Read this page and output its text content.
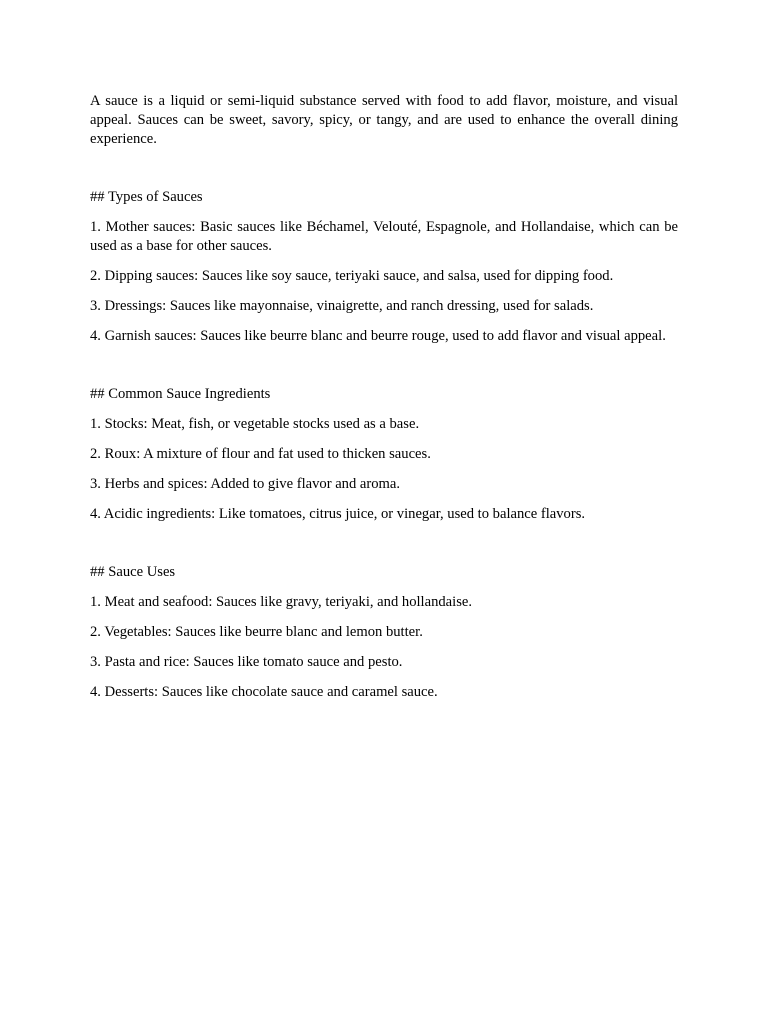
A sauce is a liquid or semi-liquid substance served with food to add flavor, moisture, and visual appeal. Sauces can be sweet, savory, spicy, or tangy, and are used to enhance the overall dining experience.

## Types of Sauces

1. Mother sauces: Basic sauces like Béchamel, Velouté, Espagnole, and Hollandaise, which can be used as a base for other sauces.

2. Dipping sauces: Sauces like soy sauce, teriyaki sauce, and salsa, used for dipping food.

3. Dressings: Sauces like mayonnaise, vinaigrette, and ranch dressing, used for salads.

4. Garnish sauces: Sauces like beurre blanc and beurre rouge, used to add flavor and visual appeal.

## Common Sauce Ingredients

1. Stocks: Meat, fish, or vegetable stocks used as a base.

2. Roux: A mixture of flour and fat used to thicken sauces.

3. Herbs and spices: Added to give flavor and aroma.

4. Acidic ingredients: Like tomatoes, citrus juice, or vinegar, used to balance flavors.

## Sauce Uses

1. Meat and seafood: Sauces like gravy, teriyaki, and hollandaise.

2. Vegetables: Sauces like beurre blanc and lemon butter.

3. Pasta and rice: Sauces like tomato sauce and pesto.

4. Desserts: Sauces like chocolate sauce and caramel sauce.
